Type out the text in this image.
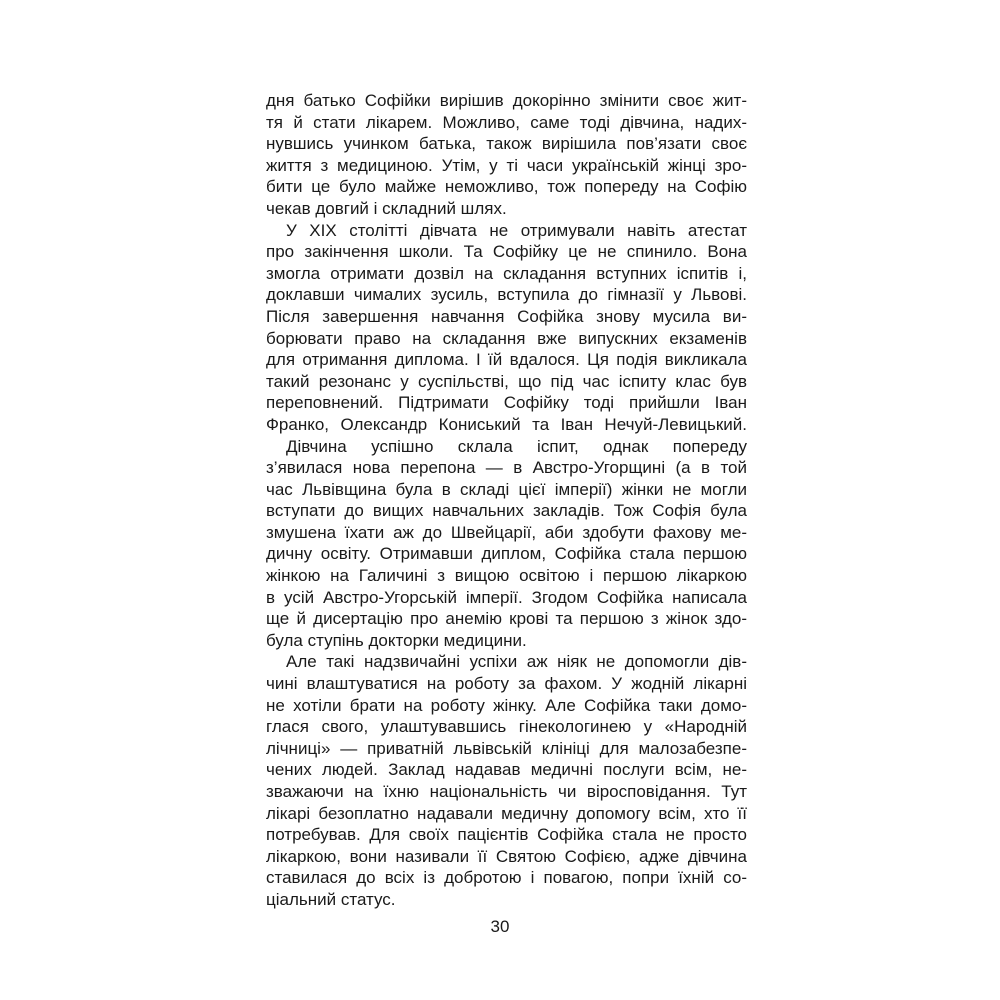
дня батько Софійки вирішив докорінно змінити своє жит-
тя й стати лікарем. Можливо, саме тоді дівчина, надих-
нувшись учинком батька, також вирішила пов’язати своє
життя з медициною. Утім, у ті часи українській жінці зро-
бити це було майже неможливо, тож попереду на Софію
чекав довгий і складний шлях.
У ХІХ столітті дівчата не отримували навіть атестат
про закінчення школи. Та Софійку це не спинило. Вона
змогла отримати дозвіл на складання вступних іспитів і,
доклавши чималих зусиль, вступила до гімназії у Львові.
Після завершення навчання Софійка знову мусила ви-
борювати право на складання вже випускних екзаменів
для отримання диплома. І їй вдалося. Ця подія викликала
такий резонанс у суспільстві, що під час іспиту клас був
переповнений. Підтримати Софійку тоді прийшли Іван
Франко, Олександр Кониський та Іван Нечуй-Левицький.
Дівчина успішно склала іспит, однак попереду
з’явилася нова перепона — в Австро-Угорщині (а в той
час Львівщина була в складі цієї імперії) жінки не могли
вступати до вищих навчальних закладів. Тож Софія була
змушена їхати аж до Швейцарії, аби здобути фахову ме-
дичну освіту. Отримавши диплом, Софійка стала першою
жінкою на Галичині з вищою освітою і першою лікаркою
в усій Австро-Угорській імперії. Згодом Софійка написала
ще й дисертацію про анемію крові та першою з жінок здо-
була ступінь докторки медицини.
Але такі надзвичайні успіхи аж ніяк не допомогли дів-
чині влаштуватися на роботу за фахом. У жодній лікарні
не хотіли брати на роботу жінку. Але Софійка таки домо-
глася свого, улаштувавшись гінекологинею у «Народній
лічниці» — приватній львівській клініці для малозабезпе-
чених людей. Заклад надавав медичні послуги всім, не-
зважаючи на їхню національність чи віросповідання. Тут
лікарі безоплатно надавали медичну допомогу всім, хто її
потребував. Для своїх пацієнтів Софійка стала не просто
лікаркою, вони називали її Святою Софією, адже дівчина
ставилася до всіх із добротою і повагою, попри їхній со-
ціальний статус.
30
